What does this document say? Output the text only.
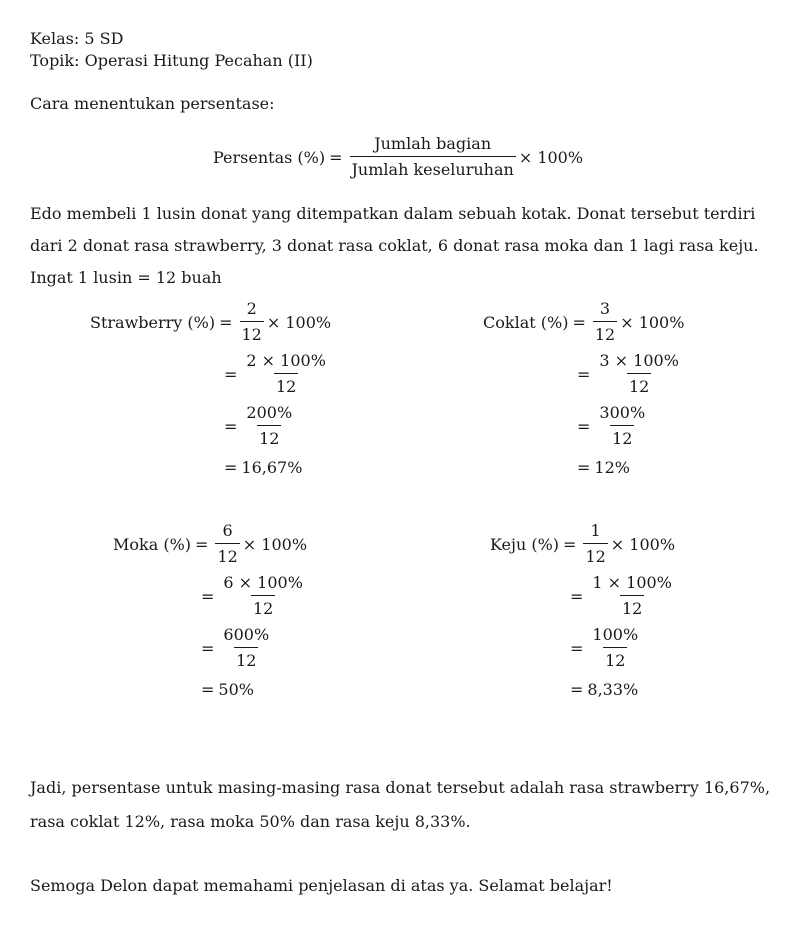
Kelas: 5 SD
Topik: Operasi Hitung Pecahan (II)
Cara menentukan persentase:
Persentas (%) = $\frac{\text{Jumlah bagian}}{\text{Jumlah keseluruhan}} \times 100\%$
Edo membeli 1 lusin donat yang ditempatkan dalam sebuah kotak. Donat tersebut terdiri
dari 2 donat rasa strawberry, 3 donat rasa coklat, 6 donat rasa moka dan 1 lagi rasa keju.
Ingat 1 lusin = 12 buah
Strawberry (%) = $\frac{2}{12} \times 100\%$
= $\frac{2 \times 100\%}{12}$
= $\frac{200\%}{12}$
= 16,67%
Coklat (%) = $\frac{3}{12} \times 100\%$
= $\frac{3 \times 100\%}{12}$
= $\frac{300\%}{12}$
= 12%
Moka (%) = $\frac{6}{12} \times 100\%$
= $\frac{6 \times 100\%}{12}$
= $\frac{600\%}{12}$
= 50%
Keju (%) = $\frac{1}{12} \times 100\%$
= $\frac{1 \times 100\%}{12}$
= $\frac{100\%}{12}$
= 8,33%
Jadi, persentase untuk masing-masing rasa donat tersebut adalah rasa strawberry 16,67%,
rasa coklat 12%, rasa moka 50% dan rasa keju 8,33%.
Semoga Delon dapat memahami penjelasan di atas ya. Selamat belajar!
